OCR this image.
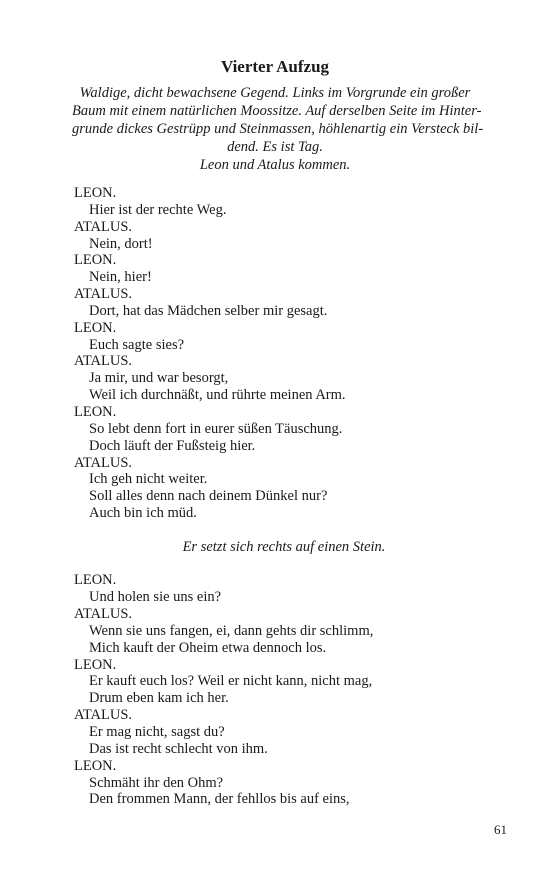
Vierter Aufzug
Waldige, dicht bewachsene Gegend. Links im Vorgrunde ein großer
Baum mit einem natürlichen Moossitze. Auf derselben Seite im Hinter-
grunde dickes Gestrüpp und Steinmassen, höhlenartig ein Versteck bil-
dend. Es ist Tag.
Leon und Atalus kommen.
LEON.
Hier ist der rechte Weg.
ATALUS.
Nein, dort!
LEON.
Nein, hier!
ATALUS.
Dort, hat das Mädchen selber mir gesagt.
LEON.
Euch sagte sies?
ATALUS.
Ja mir, und war besorgt,
Weil ich durchnäßt, und rührte meinen Arm.
LEON.
So lebt denn fort in eurer süßen Täuschung.
Doch läuft der Fußsteig hier.
ATALUS.
Ich geh nicht weiter.
Soll alles denn nach deinem Dünkel nur?
Auch bin ich müd.
Er setzt sich rechts auf einen Stein.
LEON.
Und holen sie uns ein?
ATALUS.
Wenn sie uns fangen, ei, dann gehts dir schlimm,
Mich kauft der Oheim etwa dennoch los.
LEON.
Er kauft euch los? Weil er nicht kann, nicht mag,
Drum eben kam ich her.
ATALUS.
Er mag nicht, sagst du?
Das ist recht schlecht von ihm.
LEON.
Schmäht ihr den Ohm?
Den frommen Mann, der fehllos bis auf eins,
61
